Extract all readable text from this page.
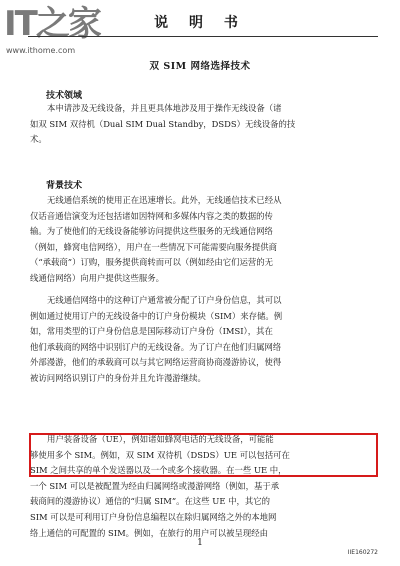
IT之家
www.ithome.com
说 明 书
双 SIM 网络选择技术
技术领域

本申请涉及无线设备，并且更具体地涉及用于操作无线设备（诸
如双 SIM 双待机（Dual SIM Dual Standby，DSDS）无线设备的技
术。

背景技术

无线通信系统的使用正在迅速增长。此外，无线通信技术已经从
仅话音通信演变为还包括诸如因特网和多媒体内容之类的数据的传
输。为了使他们的无线设备能够访问提供这些服务的无线通信网络
（例如，蜂窝电信网络），用户在一些情况下可能需要向服务提供商
（“承载商”）订购，服务提供商转而可以（例如经由它们运营的无
线通信网络）向用户提供这些服务。

无线通信网络中的这种订户通常被分配了订户身份信息，其可以
例如通过使用订户的无线设备中的订户身份模块（SIM）来存储。例
如，常用类型的订户身份信息是国际移动订户身份（IMSI），其在
他们承载商的网络中识别订户的无线设备。为了订户在他们归属网络
外部漫游，他们的承载商可以与其它网络运营商协商漫游协议，使得
被访问网络识别订户的身份并且允许漫游继续。

用户装备设备（UE），例如诸如蜂窝电话的无线设备，可能能
够使用多个 SIM。例如，双 SIM 双待机（DSDS）UE 可以包括可在
SIM 之间共享的单个发送器以及一个或多个接收器。在一些 UE 中，
一个 SIM 可以是被配置为经由归属网络或漫游网络（例如，基于承
载商间的漫游协议）通信的“归属 SIM”。在这些 UE 中，其它的
SIM 可以是可利用订户身份信息编程以在除归属网络之外的本地网
络上通信的可配置的 SIM。例如，在旅行的用户可以被呈现经由

1
IIE160272
